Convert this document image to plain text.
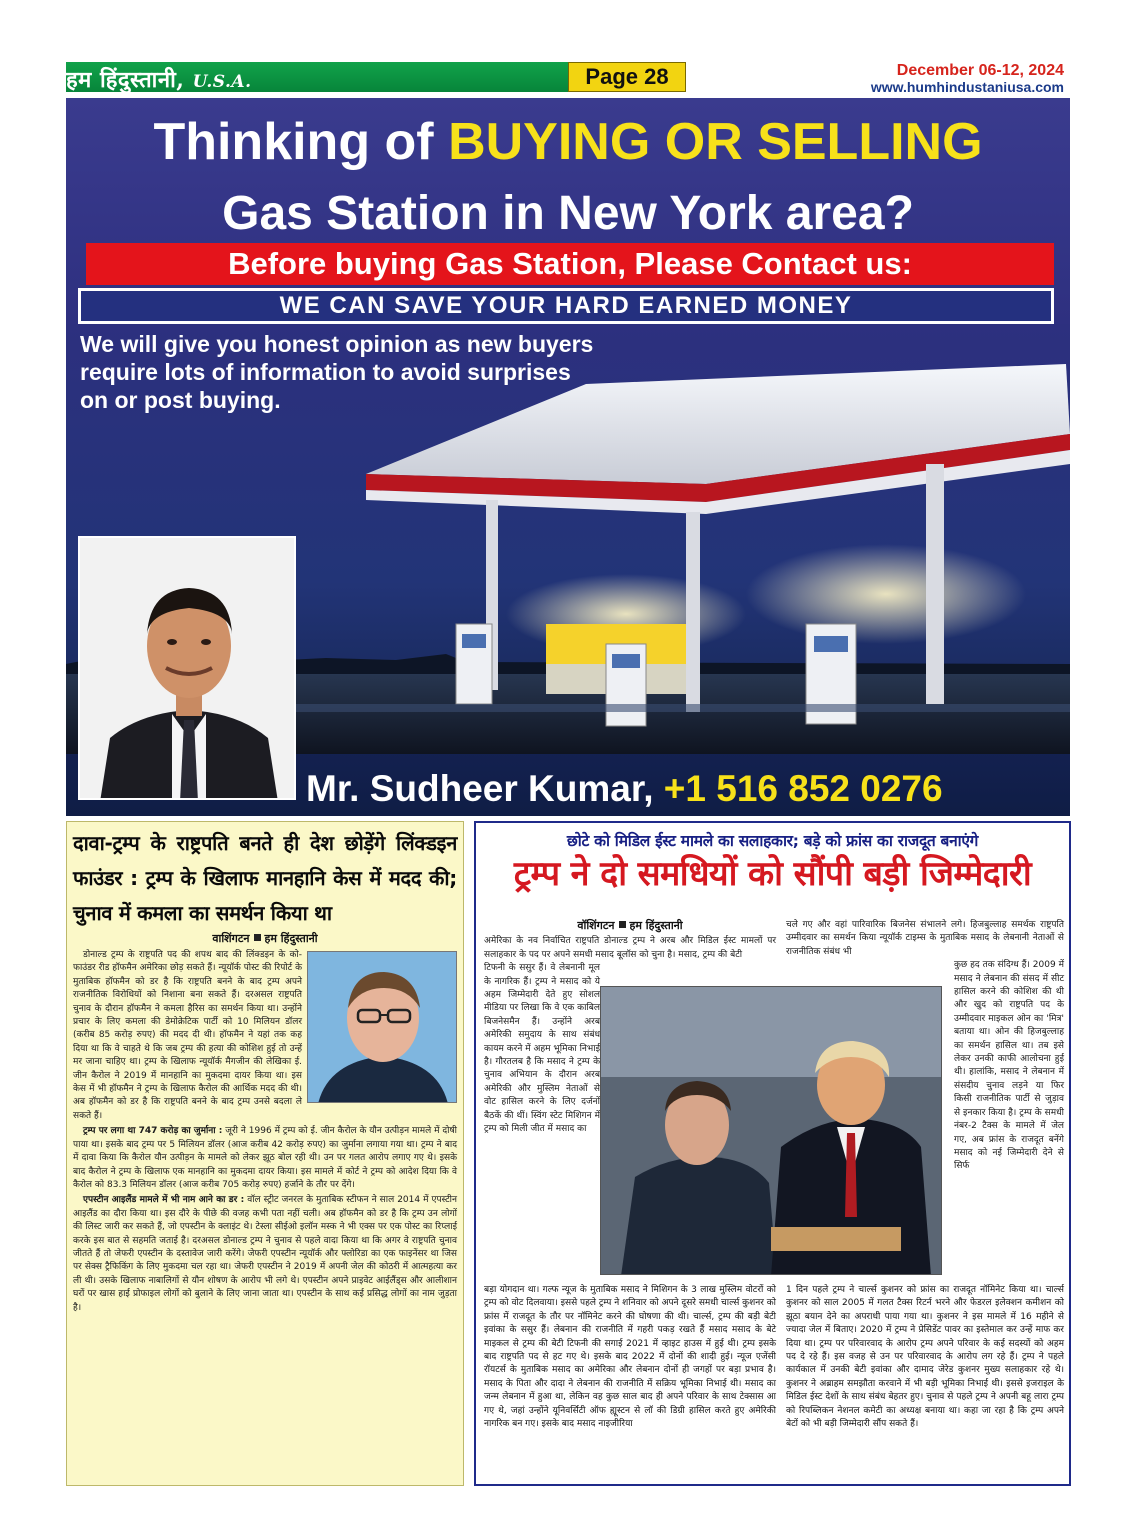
हम हिंदुस्तानी, U.S.A.	Page 28	December 06-12, 2024
www.humhindustaniusa.com
Thinking of BUYING OR SELLING
Gas Station in New York area?
Before buying Gas Station, Please Contact us:
WE CAN SAVE YOUR HARD EARNED MONEY
We will give you honest opinion as new buyers require lots of information to avoid surprises on or post buying.
Mr. Sudheer Kumar, +1 516 852 0276
दावा-ट्रम्प के राष्ट्रपति बनते ही देश छोड़ेंगे लिंक्डइन फाउंडर : ट्रम्प के खिलाफ मानहानि केस में मदद की; चुनाव में कमला का समर्थन किया था
वाशिंगटन हम हिंदुस्तानी

डोनाल्ड ट्रम्प के राष्ट्रपति पद की शपथ बाद की लिंक्डइन के को-फाउंडर रीड हॉफमैन अमेरिका छोड़ सकते हैं। न्यूयॉर्क पोस्ट की रिपोर्ट के मुताबिक हॉफमैन को डर है कि राष्ट्रपति बनने के बाद ट्रम्प अपने राजनीतिक विरोधियों को निशाना बना सकते हैं। दरअसल राष्ट्रपति चुनाव के दौरान हॉफमैन ने कमला हैरिस का समर्थन किया था। उन्होंने प्रचार के लिए कमला की डेमोक्रेटिक पार्टी को 10 मिलियन डॉलर (करीब 85 करोड़ रुपए) की मदद दी थी। हॉफमैन ने यहां तक कह दिया था कि वे चाहते थे कि जब ट्रम्प की हत्या की कोशिश हुई तो उन्हें मर जाना चाहिए था। ट्रम्प के खिलाफ न्यूयॉर्क मैगजीन की लेखिका ई. जीन कैरोल ने 2019 में मानहानि का मुकदमा दायर किया था। इस केस में भी हॉफमैन ने ट्रम्प के खिलाफ कैरोल की आर्थिक मदद की थी। अब हॉफमैन को डर है कि राष्ट्रपति बनने के बाद ट्रम्प उनसे बदला ले सकते हैं।

ट्रम्प पर लगा था 747 करोड़ का जुर्माना : जूरी ने 1996 में ट्रम्प को ई. जीन कैरोल के यौन उत्पीड़न मामले में दोषी पाया था। इसके बाद ट्रम्प पर 5 मिलियन डॉलर (आज करीब 42 करोड़ रुपए) का जुर्माना लगाया गया था। ट्रम्प ने बाद में दावा किया कि कैरोल यौन उत्पीड़न के मामले को लेकर झूठ बोल रही थी। उन पर गलत आरोप लगाए गए थे। इसके बाद कैरोल ने ट्रम्प के खिलाफ एक मानहानि का मुकदमा दायर किया। इस मामले में कोर्ट ने ट्रम्प को आदेश दिया कि वे कैरोल को 83.3 मिलियन डॉलर (आज करीब 705 करोड़ रुपए) हर्जाने के तौर पर देंगे।

एपस्टीन आइलैंड मामले में भी नाम आने का डर : वॉल स्ट्रीट जनरल के मुताबिक स्टीफन ने साल 2014 में एपस्टीन आइलैंड का दौरा किया था। इस दौरे के पीछे की वजह कभी पता नहीं चली। अब हॉफमैन को डर है कि ट्रम्प उन लोगों की लिस्ट जारी कर सकते हैं, जो एपस्टीन के क्लाइंट थे। टेस्ला सीईओ इलॉन मस्क ने भी एक्स पर एक पोस्ट का रिप्लाई करके इस बात से सहमति जताई है। दरअसल डोनाल्ड ट्रम्प ने चुनाव से पहले वादा किया था कि अगर वे राष्ट्रपति चुनाव जीतते हैं तो जेफरी एपस्टीन के दस्तावेज जारी करेंगे। जेफरी एपस्टीन न्यूयॉर्क और फ्लोरिडा का एक फाइनेंसर था जिस पर सेक्स ट्रैफिकिंग के लिए मुकदमा चल रहा था। जेफरी एपस्टीन ने 2019 में अपनी जेल की कोठरी में आत्महत्या कर ली थी। उसके खिलाफ नाबालिगों से यौन शोषण के आरोप भी लगे थे। एपस्टीन अपने प्राइवेट आईलैंड्स और आलीशान घरों पर खास हाई प्रोफाइल लोगों को बुलाने के लिए जाना जाता था। एपस्टीन के साथ कई प्रसिद्ध लोगों का नाम जुड़ता है।

छोटे को मिडिल ईस्ट मामले का सलाहकार; बड़े को फ्रांस का राजदूत बनाएंगे
ट्रम्प ने दो समधियों को सौंपी बड़ी जिम्मेदारी
वॉशिंगटन हम हिंदुस्तानी

अमेरिका के नव निर्वाचित राष्ट्रपति डोनाल्ड ट्रम्प ने अरब और मिडिल ईस्ट मामलों पर सलाहकार के पद पर अपने समधी मसाद बूलॉस को चुना है। मसाद, ट्रम्प की बेटी

टिफनी के ससुर हैं। वे लेबनानी मूल के नागरिक हैं। ट्रम्प ने मसाद को ये अहम जिम्मेदारी देते हुए सोशल मीडिया पर लिखा कि वे एक काबिल बिजनेसमैन हैं। उन्होंने अरब अमेरिकी समुदाय के साथ संबंध कायम करने में अहम भूमिका निभाई है। गौरतलब है कि मसाद ने ट्रम्प के चुनाव अभियान के दौरान अरब अमेरिकी और मुस्लिम नेताओं से वोट हासिल करने के लिए दर्जनों बैठकें की थीं। स्विंग स्टेट मिशिगन में ट्रम्प को मिली जीत में मसाद का

चले गए और वहां पारिवारिक बिजनेस संभालने लगे। हिजबुल्लाह समर्थक राष्ट्रपति उम्मीदवार का समर्थन किया न्यूयॉर्क टाइम्स के मुताबिक मसाद के लेबनानी नेताओं से राजनीतिक संबंध भी

कुछ हद तक संदिग्ध हैं। 2009 में मसाद ने लेबनान की संसद में सीट हासिल करने की कोशिश की थी और खुद को राष्ट्रपति पद के उम्मीदवार माइकल ओन का 'मित्र' बताया था। ओन की हिजबुल्लाह का समर्थन हासिल था। तब इसे लेकर उनकी काफी आलोचना हुई थी। हालांकि, मसाद ने लेबनान में संसदीय चुनाव लड़ने या फिर किसी राजनीतिक पार्टी से जुड़ाव से इनकार किया है। ट्रम्प के समधी नंबर-2 टैक्स के मामले में जेल गए, अब फ्रांस के राजदूत बनेंगे मसाद को नई जिम्मेदारी देने से सिर्फ

बड़ा योगदान था। गल्फ न्यूज के मुताबिक मसाद ने मिशिगन के 3 लाख मुस्लिम वोटरों को ट्रम्प को वोट दिलवाया। इससे पहले ट्रम्प ने शनिवार को अपने दूसरे समधी चार्ल्स कुशनर को फ्रांस में राजदूत के तौर पर नॉमिनेट करने की घोषणा की थी। चार्ल्स, ट्रम्प की बड़ी बेटी इवांका के ससुर हैं। लेबनान की राजनीति में गहरी पकड़ रखते हैं मसाद मसाद के बेटे माइकल से ट्रम्प की बेटी टिफनी की सगाई 2021 में व्हाइट हाउस में हुई थी। ट्रम्प इसके बाद राष्ट्रपति पद से हट गए थे। इसके बाद 2022 में दोनों की शादी हुई। न्यूज एजेंसी रॉयटर्स के मुताबिक मसाद का अमेरिका और लेबनान दोनों ही जगहों पर बड़ा प्रभाव है। मसाद के पिता और दादा ने लेबनान की राजनीति में सक्रिय भूमिका निभाई थी। मसाद का जन्म लेबनान में हुआ था, लेकिन वह कुछ साल बाद ही अपने परिवार के साथ टेक्सास आ गए थे, जहां उन्होंने यूनिवर्सिटी ऑफ ह्यूस्टन से लॉ की डिग्री हासिल करते हुए अमेरिकी नागरिक बन गए। इसके बाद मसाद नाइजीरिया

1 दिन पहले ट्रम्प ने चार्ल्स कुशनर को फ्रांस का राजदूत नॉमिनेट किया था। चार्ल्स कुशनर को साल 2005 में गलत टैक्स रिटर्न भरने और फेडरल इलेक्शन कमीशन को झूठा बयान देने का अपराधी पाया गया था। कुशनर ने इस मामले में 16 महीने से ज्यादा जेल में बिताए। 2020 में ट्रम्प ने प्रेसिडेंट पावर का इस्तेमाल कर उन्हें माफ कर दिया था। ट्रम्प पर परिवारवाद के आरोप ट्रम्प अपने परिवार के कई सदस्यों को अहम पद दे रहे हैं। इस वजह से उन पर परिवारवाद के आरोप लग रहे हैं। ट्रम्प ने पहले कार्यकाल में उनकी बेटी इवांका और दामाद जेरेड कुशनर मुख्य सलाहकार रहे थे। कुशनर ने अब्राहम समझौता करवाने में भी बड़ी भूमिका निभाई थी। इससे इजराइल के मिडिल ईस्ट देशों के साथ संबंध बेहतर हुए। चुनाव से पहले ट्रम्प ने अपनी बहू लारा ट्रम्प को रिपब्लिकन नेशनल कमेटी का अध्यक्ष बनाया था। कहा जा रहा है कि ट्रम्प अपने बेटों को भी बड़ी जिम्मेदारी सौंप सकते हैं।
